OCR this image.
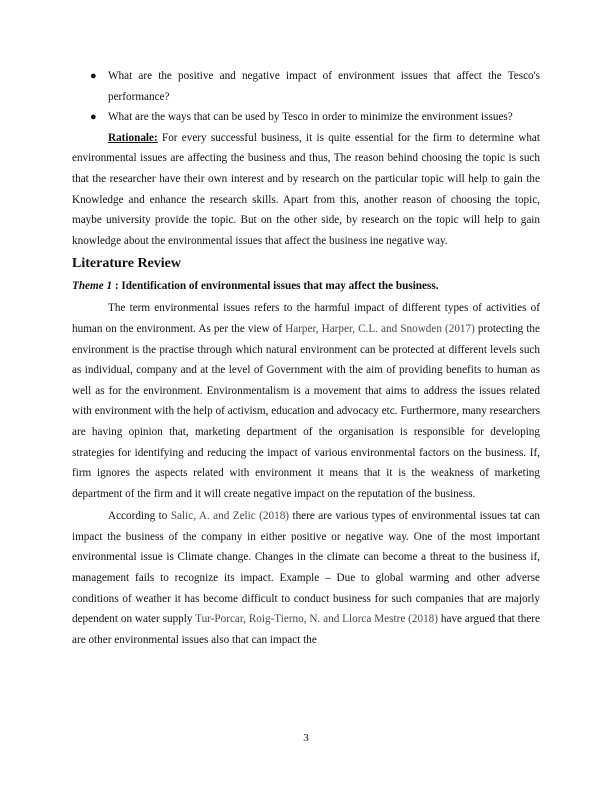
● What are the positive and negative impact of environment issues that affect the Tesco's performance?
● What are the ways that can be used by Tesco in order to minimize the environment issues?

Rationale: For every successful business, it is quite essential for the firm to determine what environmental issues are affecting the business and thus, The reason behind choosing the topic is such that the researcher have their own interest and by research on the particular topic will help to gain the Knowledge and enhance the research skills. Apart from this, another reason of choosing the topic, maybe university provide the topic. But on the other side, by research on the topic will help to gain knowledge about the environmental issues that affect the business ine negative way.

Literature Review
Theme 1 : Identification of environmental issues that may affect the business.

The term environmental issues refers to the harmful impact of different types of activities of human on the environment. As per the view of Harper, Harper, C.L. and Snowden (2017) protecting the environment is the practise through which natural environment can be protected at different levels such as individual, company and at the level of Government with the aim of providing benefits to human as well as for the environment. Environmentalism is a movement that aims to address the issues related with environment with the help of activism, education and advocacy etc. Furthermore, many researchers are having opinion that, marketing department of the organisation is responsible for developing strategies for identifying and reducing the impact of various environmental factors on the business. If, firm ignores the aspects related with environment it means that it is the weakness of marketing department of the firm and it will create negative impact on the reputation of the business.

According to Salic, A. and Zelic (2018) there are various types of environmental issues tat can impact the business of the company in either positive or negative way. One of the most important environmental issue is Climate change. Changes in the climate can become a threat to the business if, management fails to recognize its impact. Example – Due to global warming and other adverse conditions of weather it has become difficult to conduct business for such companies that are majorly dependent on water supply Tur-Porcar, Roig-Tierno, N. and Llorca Mestre (2018) have argued that there are other environmental issues also that can impact the

3
